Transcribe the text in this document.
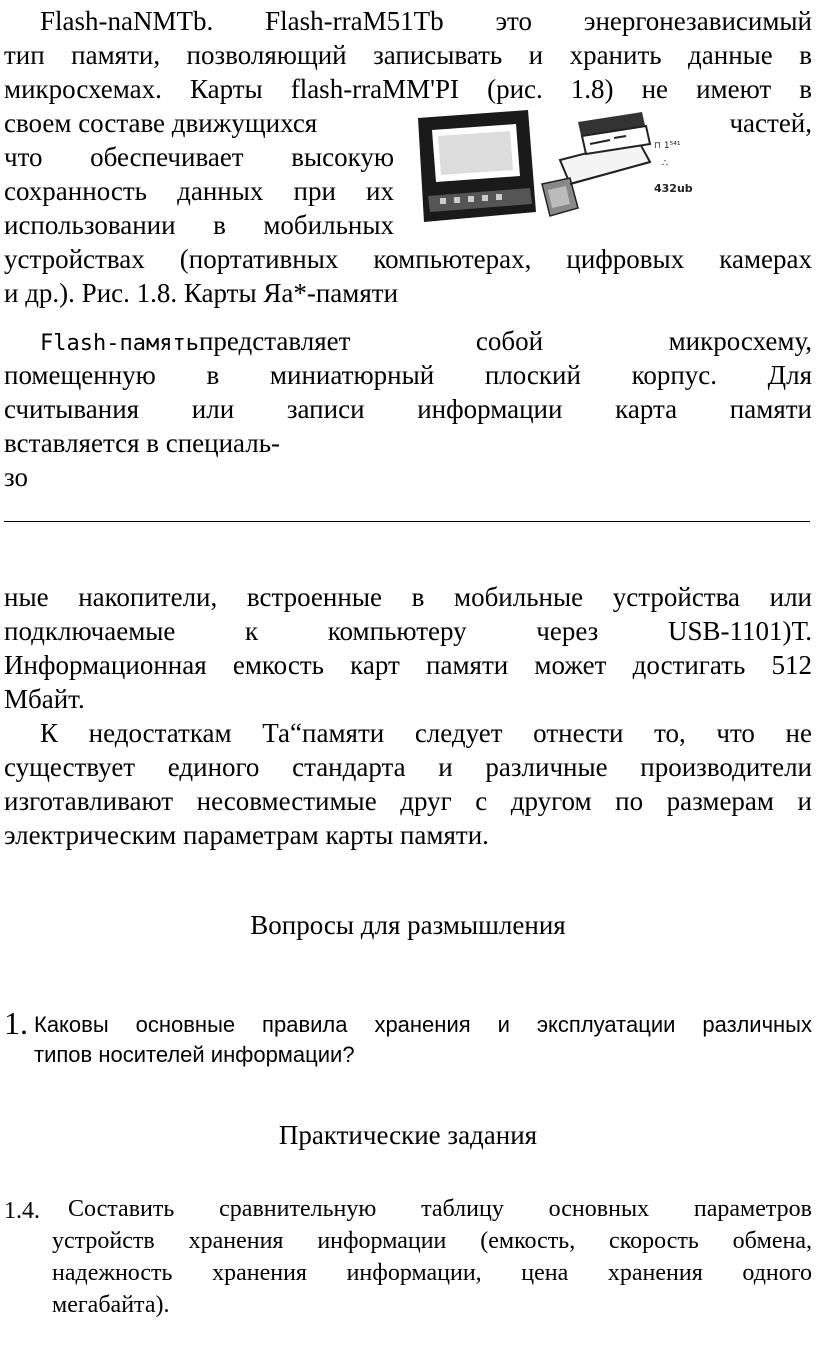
Flash-naNMTb. Flash-rraM51Tb это энергонезависимый
тип памяти, позволяющий записывать и хранить данные в
микросхемах. Карты flash-rraMM'PI (рис. 1.8) не имеют в
своем составе движущихся	частей,
что обеспечивает высокую
сохранность данных при их
использовании в мобильных
устройствах (портативных компьютерах, цифровых камерах
и др.). Рис. 1.8. Карты Яа*-памяти
⊓ 1⁵⁴¹
∴
432ub
Flash-памятьпредставляет собой микросхему,
помещенную в миниатюрный плоский корпус. Для
считывания или записи информации карта памяти
вставляется в специаль-
зо
ные накопители, встроенные в мобильные устройства или
подключаемые к компьютеру через USB-1101)Т.
Информационная емкость карт памяти может достигать 512
Мбайт.
К недостаткам Та“памяти следует отнести то, что не
существует единого стандарта и различные производители
изготавливают несовместимые друг с другом по размерам и
электрическим параметрам карты памяти.
Вопросы для размышления
1. Каковы основные правила хранения и эксплуатации различных
типов носителей информации?
Практические задания
1.4.	Составить сравнительную таблицу основных параметров
устройств хранения информации (емкость, скорость обмена,
надежность хранения информации, цена хранения одного
мегабайта).
